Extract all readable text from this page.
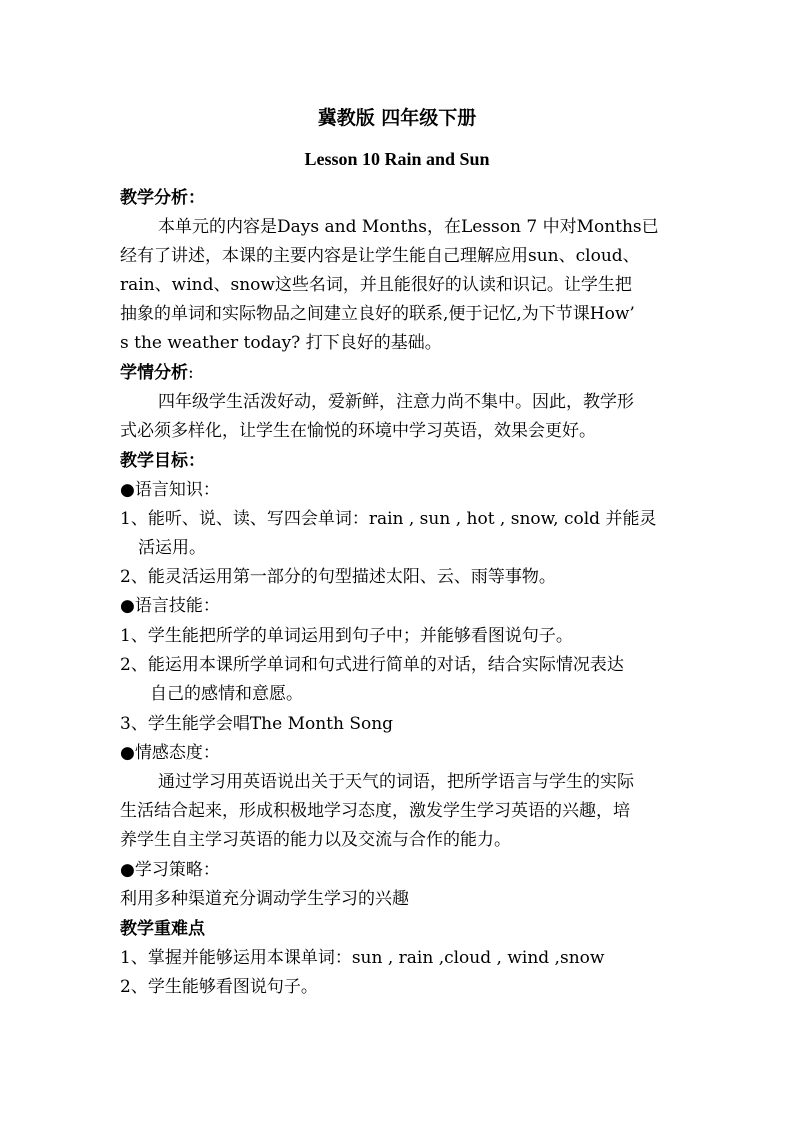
冀教版 四年级下册
Lesson 10 Rain and Sun
教学分析：
本单元的内容是Days and Months，在Lesson 7 中对Months已
经有了讲述，本课的主要内容是让学生能自己理解应用sun、cloud、
rain、wind、snow这些名词，并且能很好的认读和识记。让学生把
抽象的单词和实际物品之间建立良好的联系,便于记忆,为下节课How’
s the weather today? 打下良好的基础。
学情分析:
四年级学生活泼好动，爱新鲜，注意力尚不集中。因此，教学形
式必须多样化，让学生在愉悦的环境中学习英语，效果会更好。
教学目标：
●语言知识：
1、能听、说、读、写四会单词：rain , sun , hot , snow, cold 并能灵
活运用。
2、能灵活运用第一部分的句型描述太阳、云、雨等事物。
●语言技能：
1、学生能把所学的单词运用到句子中；并能够看图说句子。
2、能运用本课所学单词和句式进行简单的对话，结合实际情况表达
自己的感情和意愿。
3、学生能学会唱The Month Song
●情感态度：
通过学习用英语说出关于天气的词语，把所学语言与学生的实际
生活结合起来，形成积极地学习态度，激发学生学习英语的兴趣，培
养学生自主学习英语的能力以及交流与合作的能力。
●学习策略：
利用多种渠道充分调动学生学习的兴趣
教学重难点
1、掌握并能够运用本课单词：sun , rain ,cloud , wind ,snow
2、学生能够看图说句子。
